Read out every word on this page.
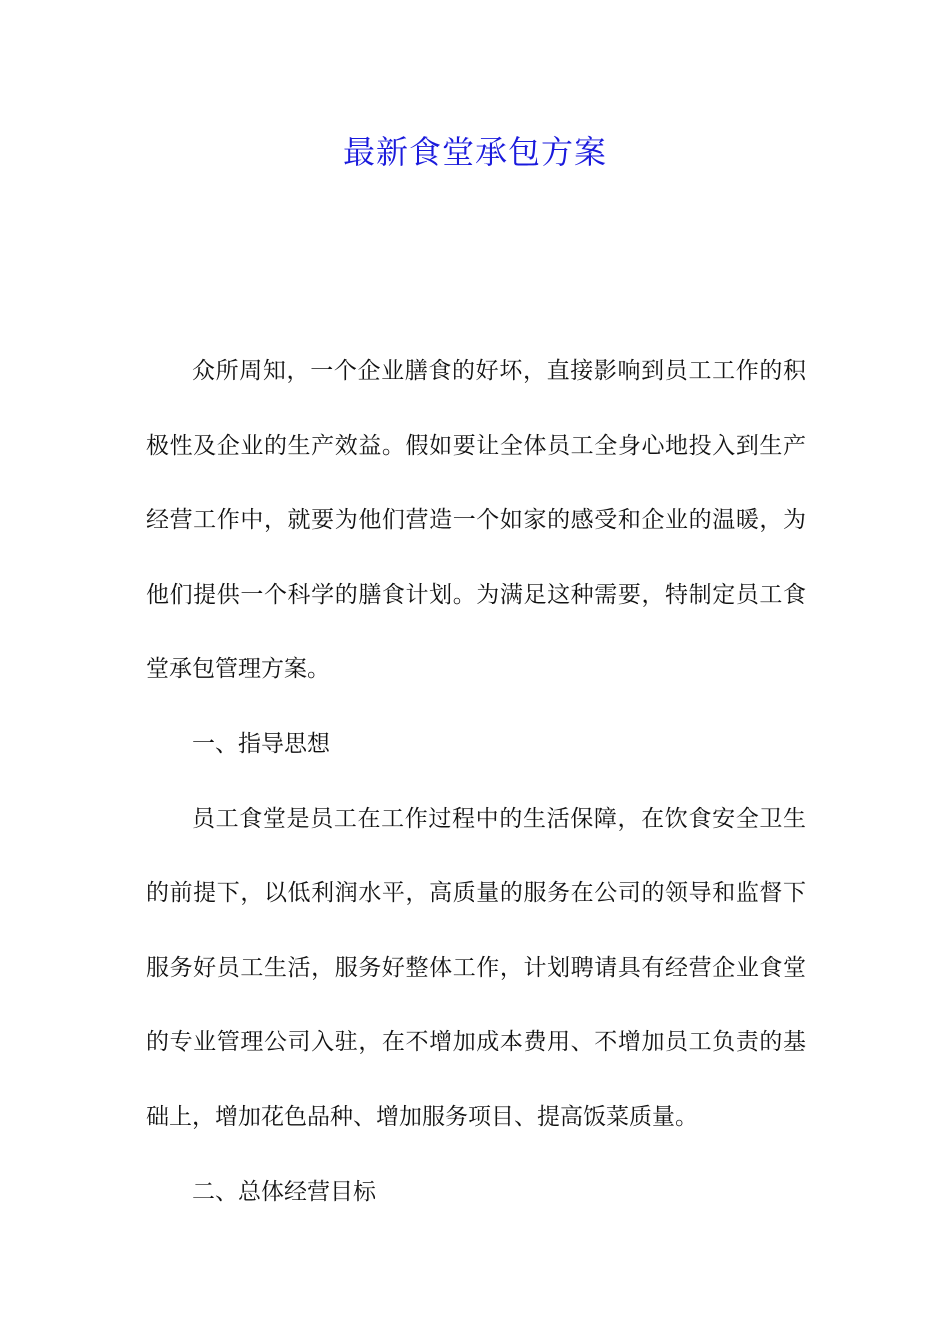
最新食堂承包方案

众所周知，一个企业膳食的好坏，直接影响到员工工作的积极性及企业的生产效益。假如要让全体员工全身心地投入到生产经营工作中，就要为他们营造一个如家的感受和企业的温暖，为他们提供一个科学的膳食计划。为满足这种需要，特制定员工食堂承包管理方案。

一、指导思想

员工食堂是员工在工作过程中的生活保障，在饮食安全卫生的前提下，以低利润水平，高质量的服务在公司的领导和监督下服务好员工生活，服务好整体工作，计划聘请具有经营企业食堂的专业管理公司入驻，在不增加成本费用、不增加员工负责的基础上，增加花色品种、增加服务项目、提高饭菜质量。

二、总体经营目标
